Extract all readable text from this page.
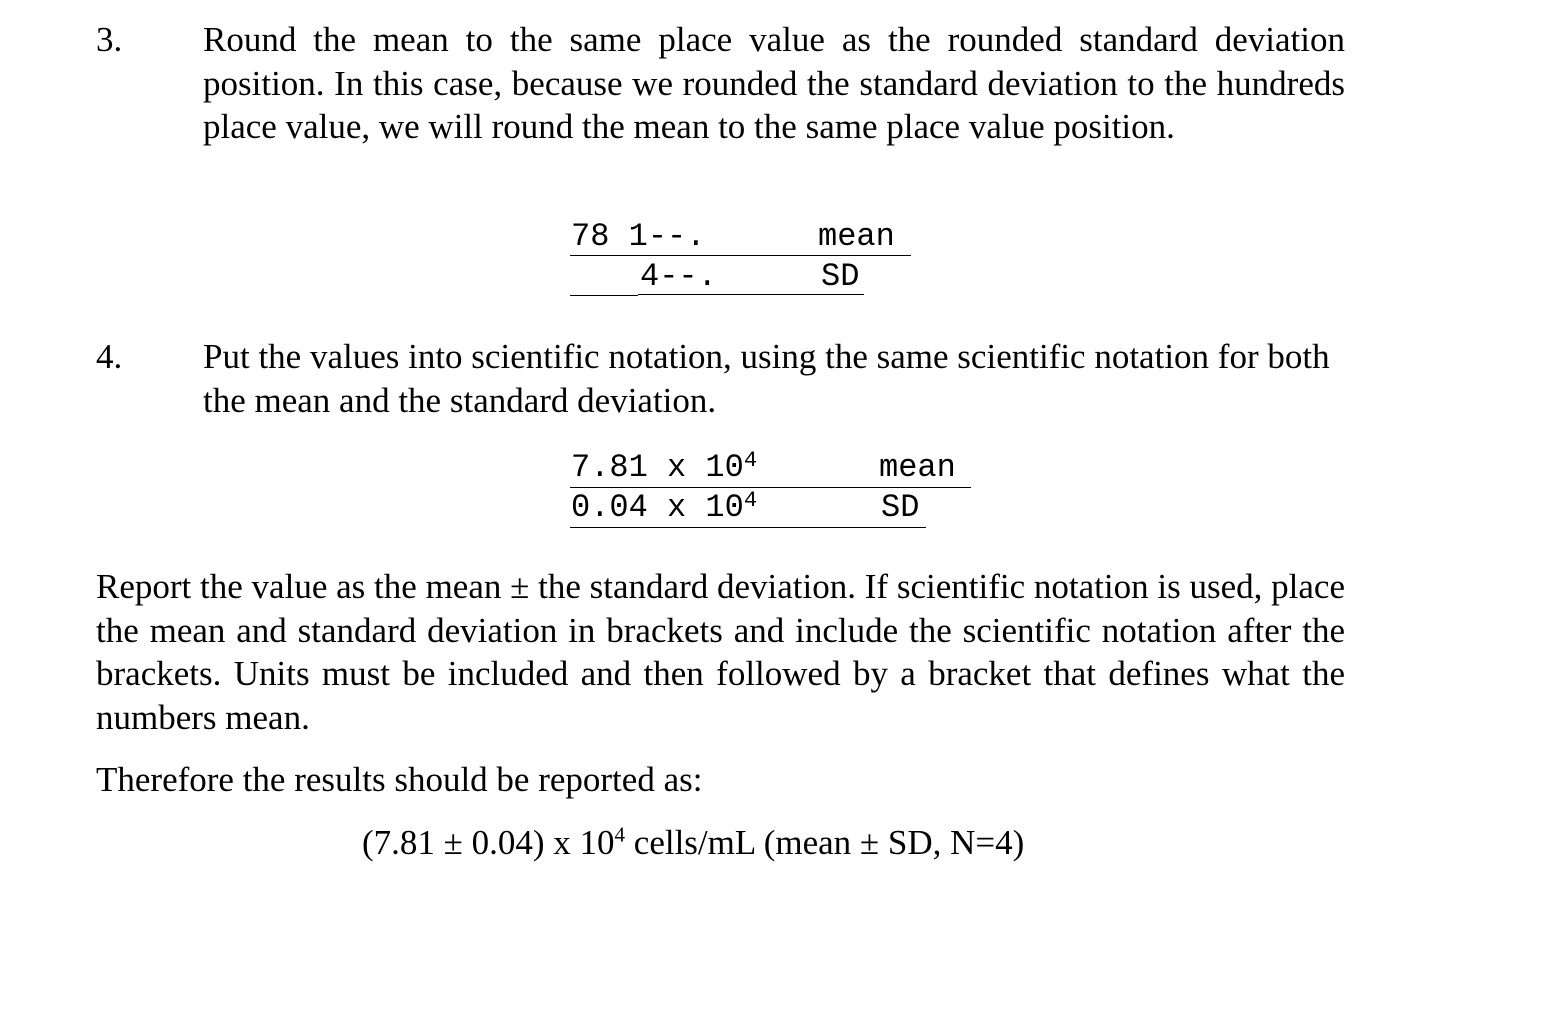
3. Round the mean to the same place value as the rounded standard deviation position. In this case, because we rounded the standard deviation to the hundreds place value, we will round the mean to the same place value position.
78 1--.	mean
4--.	SD
4. Put the values into scientific notation, using the same scientific notation for both the mean and the standard deviation.
7.81 x $10^4$	mean
0.04 x $10^4$	SD
Report the value as the mean ± the standard deviation. If scientific notation is used, place the mean and standard deviation in brackets and include the scientific notation after the brackets. Units must be included and then followed by a bracket that defines what the numbers mean.
Therefore the results should be reported as:
(7.81 ± 0.04) x $10^4$ cells/mL (mean ± SD, N=4)
